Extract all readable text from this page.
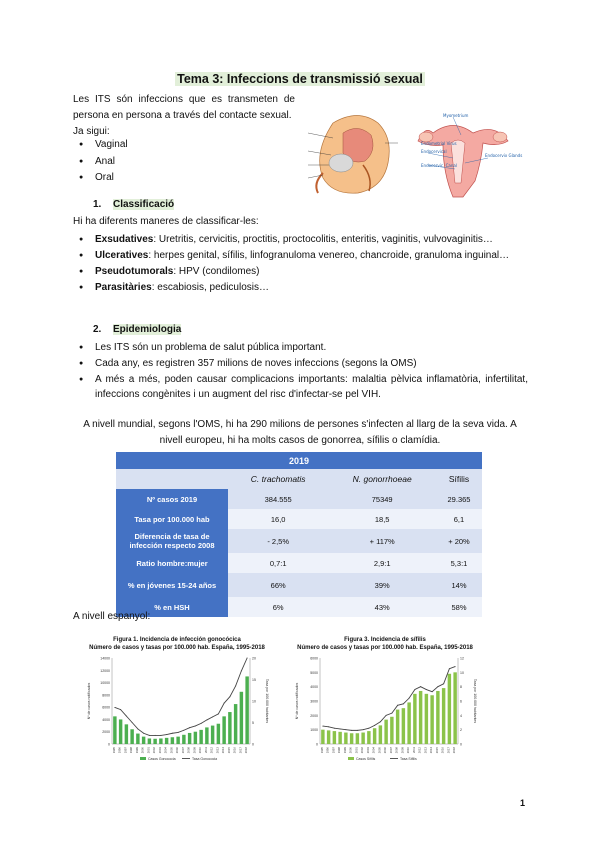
Tema 3: Infeccions de transmissió sexual
Les ITS són infeccions que es transmeten de
persona en persona a través del contacte sexual.
Ja sigui:
● Vaginal
● Anal
● Oral
Myometrium
Endometrial Virus
Endocervical
Endocervic. Canal
Endocervix Glands
1. Classificació
Hi ha diferents maneres de classificar-les:
● Exsudatives: Uretritis, cervicitis, proctitis, proctocolitis, enteritis, vaginitis, vulvovaginitis…
● Ulceratives: herpes genital, sífilis, linfogranuloma venereo, chancroide, granuloma inguinal…
● Pseudotumorals: HPV (condilomes)
● Parasitàries: escabiosis, pediculosis…
2. Epidemiologia
● Les ITS són un problema de salut pública important.
● Cada any, es registren 357 milions de noves infeccions (segons la OMS)
● A més a més, poden causar complicacions importants: malaltia pèlvica inflamatòria, infertilitat, infeccions congènites i un augment del risc d'infectar-se pel VIH.
A nivell mundial, segons l'OMS, hi ha 290 milions de persones s'infecten al llarg de la seva vida. A
nivell europeu, hi ha molts casos de gonorrea, sífilis o clamídia.
2019			
	C. trachomatis	N. gonorrhoeae	Sífilis
Nº casos 2019	384.555	75349	29.365
Tasa por 100.000 hab	16,0	18,5	6,1
Diferencia de tasa de infección respecto 2008	- 2,5%	+ 117%	+ 20%
Ratio hombre:mujer	0,7:1	2,9:1	5,3:1
% en jóvenes 15-24 años	66%	39%	14%
% en HSH	6%	43%	58%
A nivell espanyol:
Figura 1. Incidencia de infección gonocócica
Número de casos y tasas por 100.000 hab. España, 1995-2018
0
2000
4000
6000
8000
10000
12000
14000
0
5
10
15
20
1995 1996 1997 1998 1999 2000 2001 2002 2003 2004 2005 2006 2007 2008 2009 2010 2011 2012 2013 2014 2015 2016 2017 2018
Nº de casos notificados	Tasa por 100.000 habitantes
Casos Gonococia	Tasa Gonococia
Figura 3. Incidencia de sífilis
Número de casos y tasas por 100.000 hab. España, 1995-2018
0
1000
2000
3000
4000
5000
6000
0
2
4
6
8
10
12
1995 1996 1997 1998 1999 2000 2001 2002 2003 2004 2005 2006 2007 2008 2009 2010 2011 2012 2013 2014 2015 2016 2017 2018
Nº de casos notificados	Tasa por 100.000 habitantes
Casos Sífilis	Tasa Sífilis
1
